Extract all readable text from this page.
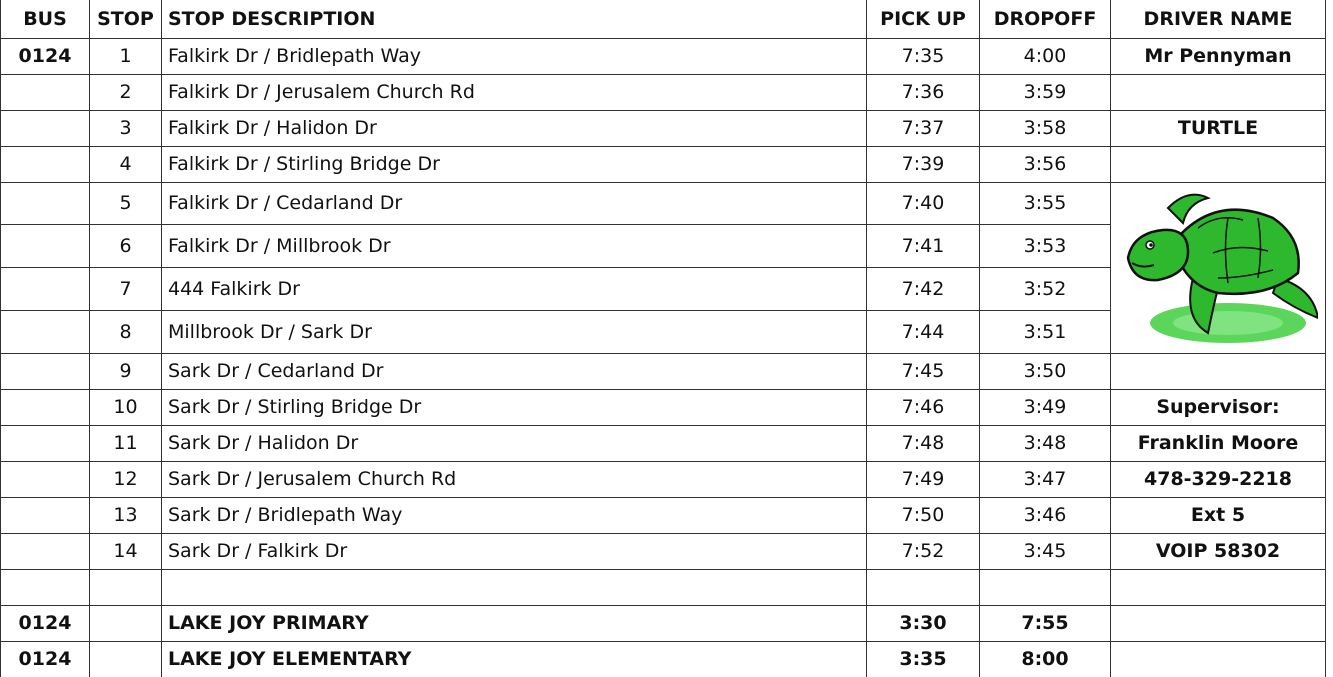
BUS	STOP	STOP DESCRIPTION	PICK UP	DROPOFF	DRIVER NAME
0124	1	Falkirk Dr / Bridlepath Way	7:35	4:00	Mr Pennyman
	2	Falkirk Dr / Jerusalem Church Rd	7:36	3:59	
	3	Falkirk Dr / Halidon Dr	7:37	3:58	TURTLE
	4	Falkirk Dr / Stirling Bridge Dr	7:39	3:56	
	5	Falkirk Dr / Cedarland Dr	7:40	3:55	

	6	Falkirk Dr / Millbrook Dr	7:41	3:53	
	7	444 Falkirk Dr	7:42	3:52	
	8	Millbrook Dr / Sark Dr	7:44	3:51	
	9	Sark Dr / Cedarland Dr	7:45	3:50	
	10	Sark Dr / Stirling Bridge Dr	7:46	3:49	Supervisor:
	11	Sark Dr / Halidon Dr	7:48	3:48	Franklin Moore
	12	Sark Dr / Jerusalem Church Rd	7:49	3:47	478-329-2218
	13	Sark Dr / Bridlepath Way	7:50	3:46	Ext 5
	14	Sark Dr / Falkirk Dr	7:52	3:45	VOIP 58302

0124		LAKE JOY PRIMARY	3:30	7:55	
0124		LAKE JOY ELEMENTARY	3:35	8:00	
